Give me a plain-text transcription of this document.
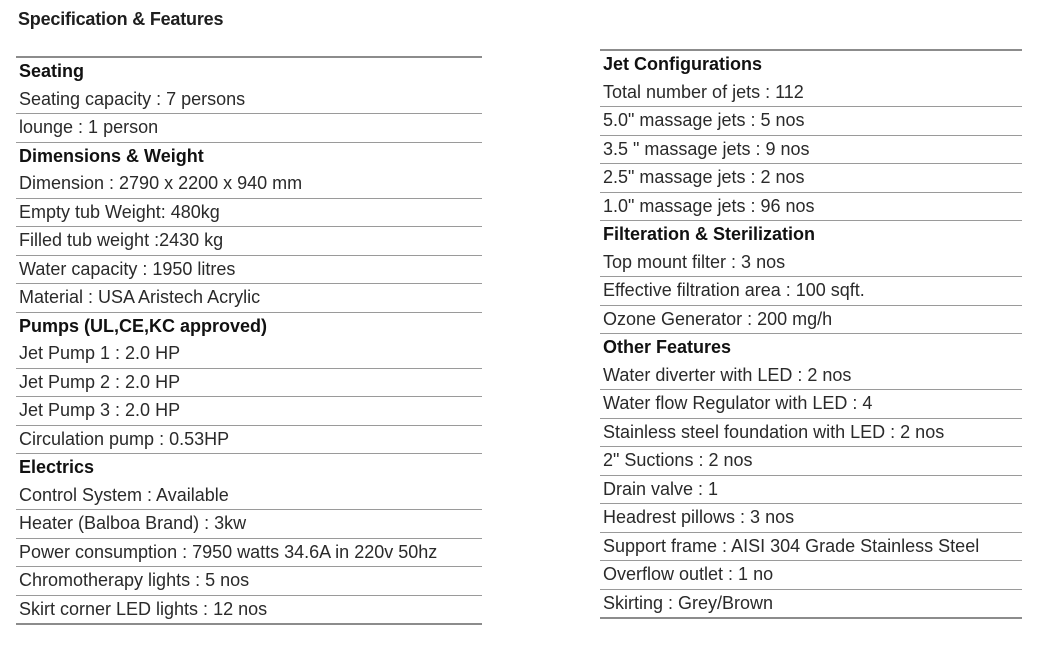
Specification & Features
Seating
Seating capacity : 7 persons
lounge : 1 person
Dimensions & Weight
Dimension : 2790 x 2200 x 940 mm
Empty tub Weight: 480kg
Filled tub weight :2430 kg
Water capacity : 1950 litres
Material : USA Aristech Acrylic
Pumps (UL,CE,KC approved)
Jet Pump 1 : 2.0 HP
Jet Pump 2 : 2.0 HP
Jet Pump 3 : 2.0 HP
Circulation pump : 0.53HP
Electrics
Control System : Available
Heater (Balboa Brand) : 3kw
Power consumption : 7950 watts 34.6A in 220v 50hz
Chromotherapy lights : 5 nos
Skirt corner LED lights : 12 nos
Jet Configurations
Total number of jets : 112
5.0" massage jets : 5 nos
3.5 " massage jets : 9 nos
2.5" massage jets : 2 nos
1.0" massage jets : 96 nos
Filteration & Sterilization
Top mount filter : 3 nos
Effective filtration area : 100 sqft.
Ozone Generator : 200 mg/h
Other Features
Water diverter with LED : 2 nos
Water flow Regulator with LED : 4
Stainless steel foundation with LED : 2 nos
2" Suctions : 2 nos
Drain valve : 1
Headrest pillows : 3 nos
Support frame : AISI 304 Grade Stainless Steel
Overflow outlet : 1 no
Skirting : Grey/Brown
